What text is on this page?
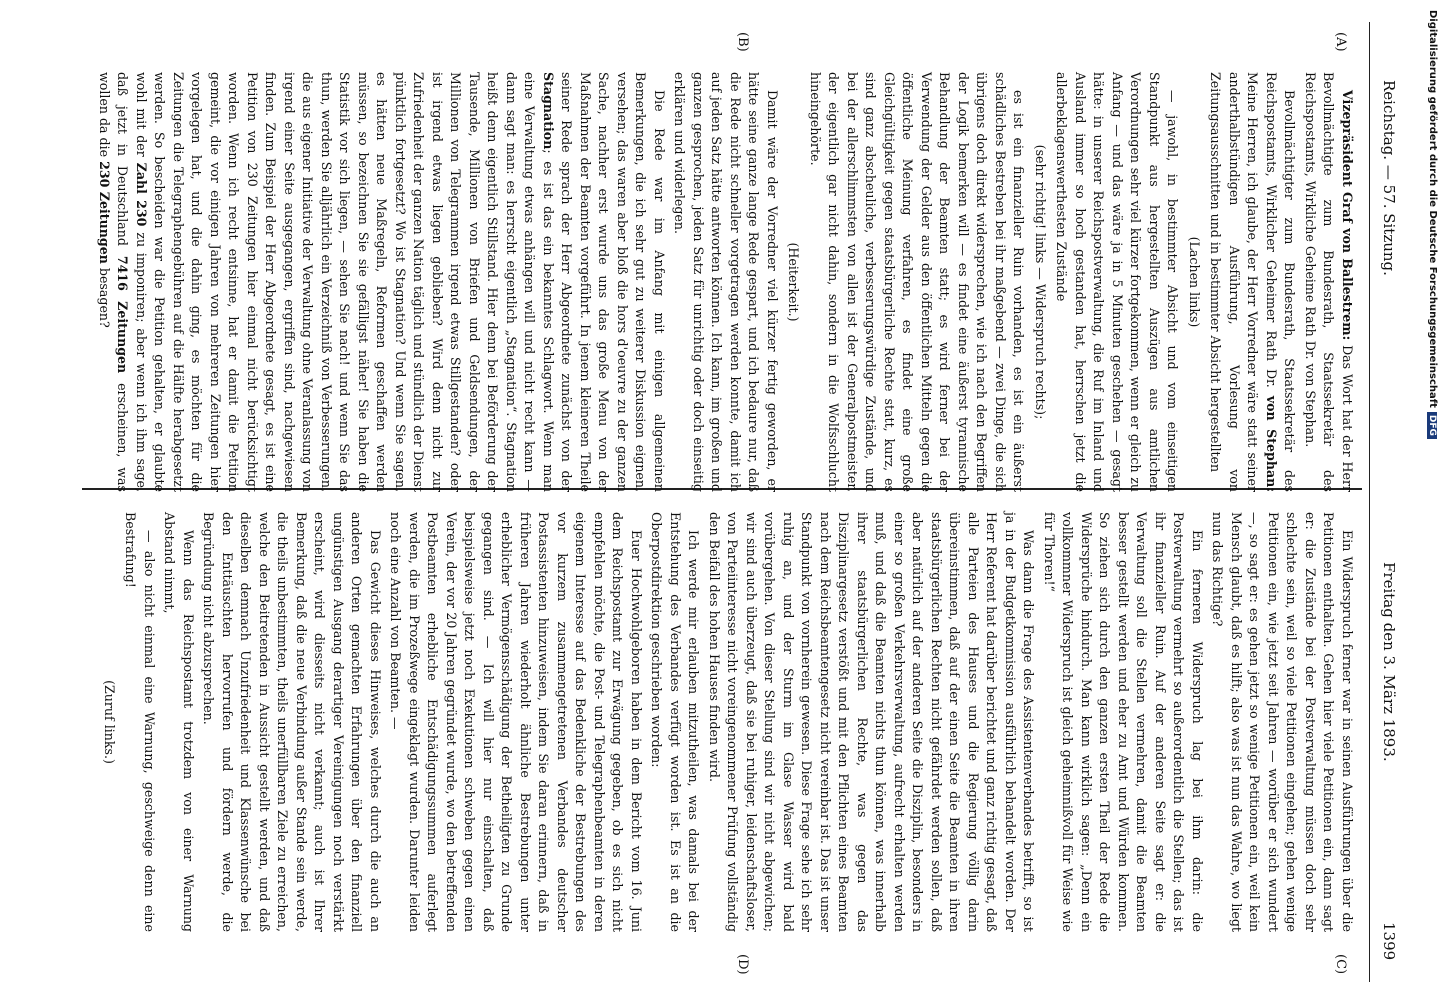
Reichstag. — 57. Sitzung.
Freitag den 3. März 1893.
1399
(A)
(B)
(C)
(D)

Vizepräsident Graf von Ballestrem: Das Wort hat der Herr Bevollmächtigte zum Bundesrath, Staatssekretär des Reichspostamts, Wirkliche Geheime Rath Dr. von Stephan.

Bevollmächtigter zum Bundesrath, Staatssekretär des Reichspostamts, Wirklicher Geheimer Rath Dr. von Stephan: Meine Herren, ich glaube, der Herr Vorredner wäre statt seiner anderthalbstündigen Ausführung, Vorlesung von Zeitungsausschnitten und in bestimmter Absicht hergestellten

(Lachen links)

— jawohl, in bestimmter Absicht und vom einseitigen Standpunkt aus hergestellten Auszügen aus amtlichen Verordnungen sehr viel kürzer fortgekommen, wenn er gleich zu Anfang — und das wäre ja in 5 Minuten geschehen — gesagt hätte: in unserer Reichspostverwaltung, die Ruf im Inland und Ausland immer so hoch gestanden hat, herrschen jetzt die allerbeklagenswerthesten Zustände

(sehr richtig! links — Widerspruch rechts);

es ist ein finanzieller Ruin vorhanden, es ist ein äußerst schädliches Bestreben bei ihr maßgebend — zwei Dinge, die sich übrigens doch direkt widersprechen, wie ich nach den Begriffen der Logik bemerken will — es findet eine äußerst tyrannische Behandlung der Beamten statt; es wird ferner bei der Verwendung der Gelder aus den öffentlichen Mitteln gegen die öffentliche Meinung verfahren, es findet eine große Gleichgültigkeit gegen staatsbürgerliche Rechte statt, kurz, es sind ganz abscheuliche, verbesserungswürdige Zustände, und bei der allerschlimmsten von allen ist der Generalpostmeister, der eigentlich gar nicht dahin, sondern in die Wolfsschlucht hineingehörte.

(Heiterkeit.)

Damit wäre der Vorredner viel kürzer fertig geworden, er hätte seine ganze lange Rede gespart, und ich bedaure nur, daß die Rede nicht schneller vorgetragen werden konnte, damit ich auf jeden Satz hätte antworten können. Ich kann, im großen und ganzen gesprochen, jeden Satz für unrichtig oder doch einseitig erklären und widerlegen.

Die Rede war im Anfang mit einigen allgemeinen Bemerkungen, die ich sehr gut zu weiterer Diskussion eignen, versehen; das waren aber bloß die hors d'oeuvre zu der ganzen Sache, nachher erst wurde uns das große Menu von der Maßnahmen der Beamten vorgeführt. In jenem kleineren Theile seiner Rede sprach der Herr Abgeordnete zunächst von der Stagnation; es ist das ein bekanntes Schlagwort. Wenn man eine Verwaltung etwas anhängen will und nicht recht kann — dann sagt man: es herrscht eigentlich „Stagnation“. Stagnation heißt denn eigentlich Stillstand. Hier denn bei Beförderung der Tausende, Millionen von Briefen und Geldsendungen, der Millionen von Telegrammen irgend etwas Stillgestanden? oder ist irgend etwas liegen geblieben? Wird denn nicht zur Zufriedenheit der ganzen Nation täglich und stündlich der Dienst pünktlich fortgesetzt? Wo ist Stagnation? Und wenn Sie sagen, es hätten neue Maßregeln, Reformen geschaffen werden müssen, so bezeichnen Sie sie gefälligst näher! Sie haben die Statistik vor sich liegen, — sehen Sie nach! und wenn Sie das thun, werden Sie alljährlich ein Verzeichniß von Verbesserungen, die aus eigener Initiative der Verwaltung ohne Veranlassung von irgend einer Seite ausgegangen, ergriffen sind, nachgewiesen finden. Zum Beispiel der Herr Abgeordnete gesagt, es ist eine Petition von 230 Zeitungen hier einmal nicht berücksichtigt worden. Wenn ich recht entsinne, hat er damit die Petition gemeint, die vor einigen Jahren von mehreren Zeitungen hier vorgelegen hat, und die dahin ging, es möchten für die Zeitungen die Telegraphengebühren auf die Hälfte herabgesetzt werden. So bescheiden war die Petition gehalten, er glaubte wohl mit der Zahl 230 zu imponiren; aber wenn ich ihm sage, daß jetzt in Deutschland 7416 Zeitungen erscheinen, was wollen da die 230 Zeitungen besagen?

Ein Widerspruch ferner war in seinen Ausführungen über die Petitionen enthalten. Gehen hier viele Petitionen ein, dann sagt er: die Zustände bei der Postverwaltung müssen doch sehr schlechte sein, weil so viele Petitionen eingehen; gehen wenige Petitionen ein, wie jetzt seit Jahren — worüber er sich wundert —, so sagt er: es gehen jetzt so wenige Petitionen ein, weil kein Mensch glaubt, daß es hilft; also was ist nun das Wahre, wo liegt nun das Richtige?

Ein ferneren Widerspruch lag bei ihm darin: die Postverwaltung vermehrt so außerordentlich die Stellen; das ist ihr finanzieller Ruin. Auf der anderen Seite sagt er: die Verwaltung soll die Stellen vermehren, damit die Beamten besser gestellt werden und eher zu Amt und Würden kommen. So ziehen sich durch den ganzen ersten Theil der Rede die Widersprüche hindurch. Man kann wirklich sagen: „Denn ein vollkommner Widerspruch ist gleich geheimnißvoll für Weise wie für Thoren!“

Was dann die Frage des Assistentenverbandes betrifft, so ist ja in der Budgetkommission ausführlich behandelt worden. Der Herr Referent hat darüber berichtet und ganz richtig gesagt, daß alle Parteien des Hauses und die Regierung völlig darin übereinstimmen, daß auf der einen Seite die Beamten in ihren staatsbürgerlichen Rechten nicht gefährdet werden sollen, daß aber natürlich auf der anderen Seite die Disziplin, besonders in einer so großen Verkehrsverwaltung, aufrecht erhalten werden muß, und daß die Beamten nichts thun können, was innerhalb ihrer staatsbürgerlichen Rechte, was gegen das Disziplinargesetz verstößt und mit den Pflichten eines Beamten nach dem Reichsbeamtengesetz nicht vereinbar ist. Das ist unser Standpunkt von vornherein gewesen. Diese Frage sehe ich sehr ruhig an, und der Sturm im Glase Wasser wird bald vorübergehen. Von dieser Stellung sind wir nicht abgewichen; wir sind auch überzeugt, daß sie bei ruhiger, leidenschaftsloser, von Parteiinteresse nicht voreingenommener Prüfung vollständig den Beifall des hohen Hauses finden wird.

Ich werde mir erlauben mitzutheilen, was damals bei der Entstehung des Verbandes verfügt worden ist. Es ist an die Oberpostdirektion geschrieben worden:

Euer Hochwohlgeboren haben in dem Bericht vom 16. Juni dem Reichspostamt zur Erwägung gegeben, ob es sich nicht empfehlen möchte, die Post- und Telegraphenbeamten in deren eigenem Interesse auf das Bedenkliche der Bestrebungen des vor kurzem zusammengetretenen Verbandes deutscher Postassistenten hinzuweisen, indem Sie daran erinnern, daß in früheren Jahren wiederholt ähnliche Bestrebungen unter erheblicher Vermögensschädigung der Betheiligten zu Grunde gegangen sind. — Ich will hier nur einschalten, daß beispielsweise jetzt noch Exekutionen schweben gegen einen Verein, der vor 20 Jahren gegründet wurde, wo den betreffenden Postbeamten erhebliche Entschädigungssummen auferlegt werden, die im Prozeßwege eingeklagt wurden. Darunter leiden noch eine Anzahl von Beamten. —

Das Gewicht dieses Hinweises, welches durch die auch an anderen Orten gemachten Erfahrungen über den finanziell ungünstigen Ausgang derartiger Vereinigungen noch verstärkt erscheint, wird diesseits nicht verkannt; auch ist Ihrer Bemerkung, daß die neue Verbindung außer Stande sein werde, die theils unbestimmten, theils unerfüllbaren Ziele zu erreichen, welche den Beitretenden in Aussicht gestellt werden, und daß dieselben demnach Unzufriedenheit und Klassenwünsche bei den Enttäuschten hervorrufen und fördern werde, die Begründung nicht abzusprechen.

Wenn das Reichspostamt trotzdem von einer Warnung Abstand nimmt,

— also nicht einmal eine Warnung, geschweige denn eine Bestrafung!

(Zuruf links.)

Digitalisierung gefördert durch die Deutsche ForschungsgemeinschaftDFG
